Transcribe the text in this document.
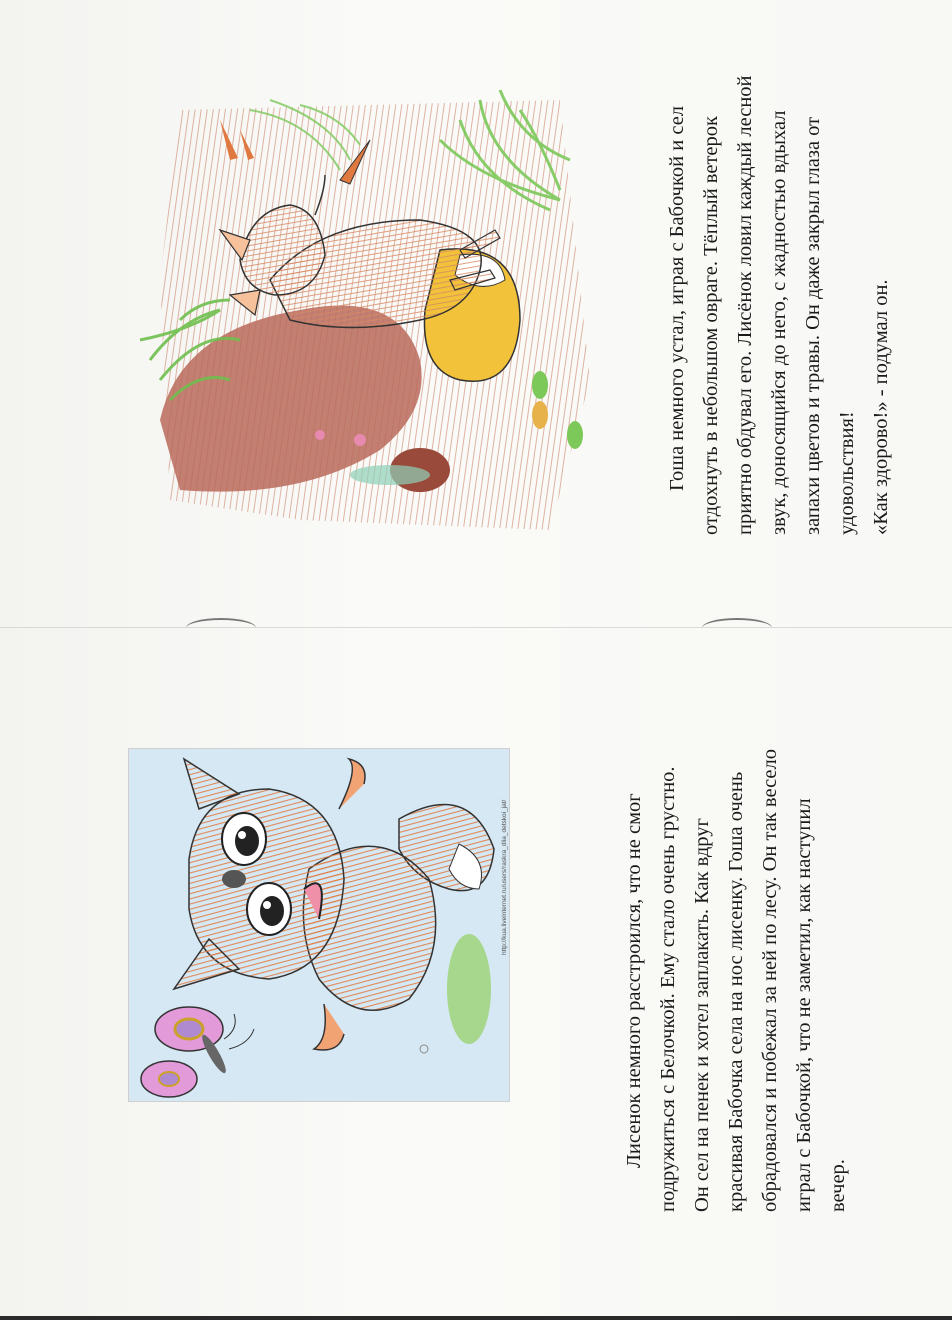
Гоша немного устал, играя с Бабочкой и сел отдохнуть в небольшом овраге. Тёплый ветерок приятно обдувал его. Лисёнок ловил каждый лесной звук, доносящийся до него, с жадностью вдыхал запахи цветов и травы. Он даже закрыл глаза от удовольствия! «Как здорово!» - подумал он.

http://kua.liveinternet.ru/users/raskra_dlia_detskoi_jat/	Лисенок немного расстроился, что не смог подружиться с Белочкой. Ему стало очень грустно. Он сел на пенек и хотел заплакать. Как вдруг красивая Бабочка села на нос лисенку. Гоша очень обрадовался и побежал за ней по лесу. Он так весело играл с Бабочкой, что не заметил, как наступил вечер.
